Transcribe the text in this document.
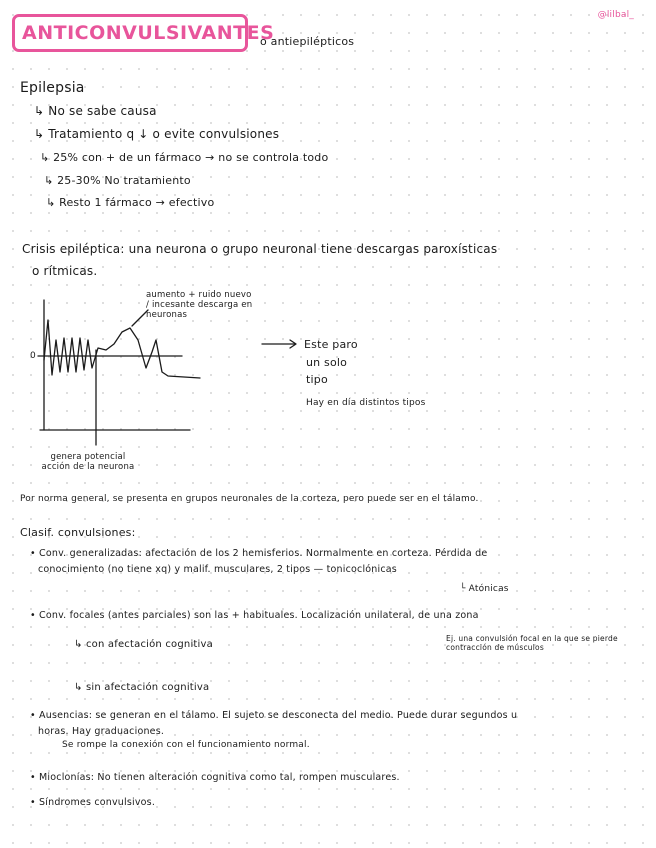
ANTICONVULSIVANTES
o antiepilépticos
@lilbal_
Epilepsia
↳ No se sabe causa
↳ Tratamiento q ↓ o evite convulsiones
↳ 25% con + de un fármaco → no se controla todo
↳ 25-30% No tratamiento
↳ Resto 1 fármaco → efectivo
Crisis epiléptica: una neurona o grupo neuronal tiene descargas paroxísticas
o rítmicas.
0
aumento + ruido nuevo / incesante descarga en neuronas
genera potencial acción de la neurona
Este paro
un solo
tipo
Hay en día distintos tipos
Por norma general, se presenta en grupos neuronales de la corteza, pero puede ser en el tálamo.
Clasif. convulsiones:
• Conv. generalizadas: afectación de los 2 hemisferios. Normalmente en corteza. Pérdida de
conocimiento (no tiene xq) y malif. musculares, 2 tipos — tonicoclónicas
└ Atónicas
• Conv. focales (antes parciales) son las + habituales. Localización unilateral, de una zona
↳ con afectación cognitiva
Ej. una convulsión focal en la que se pierde contracción de músculos
↳ sin afectación cognitiva
• Ausencias: se generan en el tálamo. El sujeto se desconecta del medio. Puede durar segundos u
horas. Hay graduaciones.
Se rompe la conexión con el funcionamiento normal.
• Mioclonías: No tienen alteración cognitiva como tal, rompen musculares.
• Síndromes convulsivos.
